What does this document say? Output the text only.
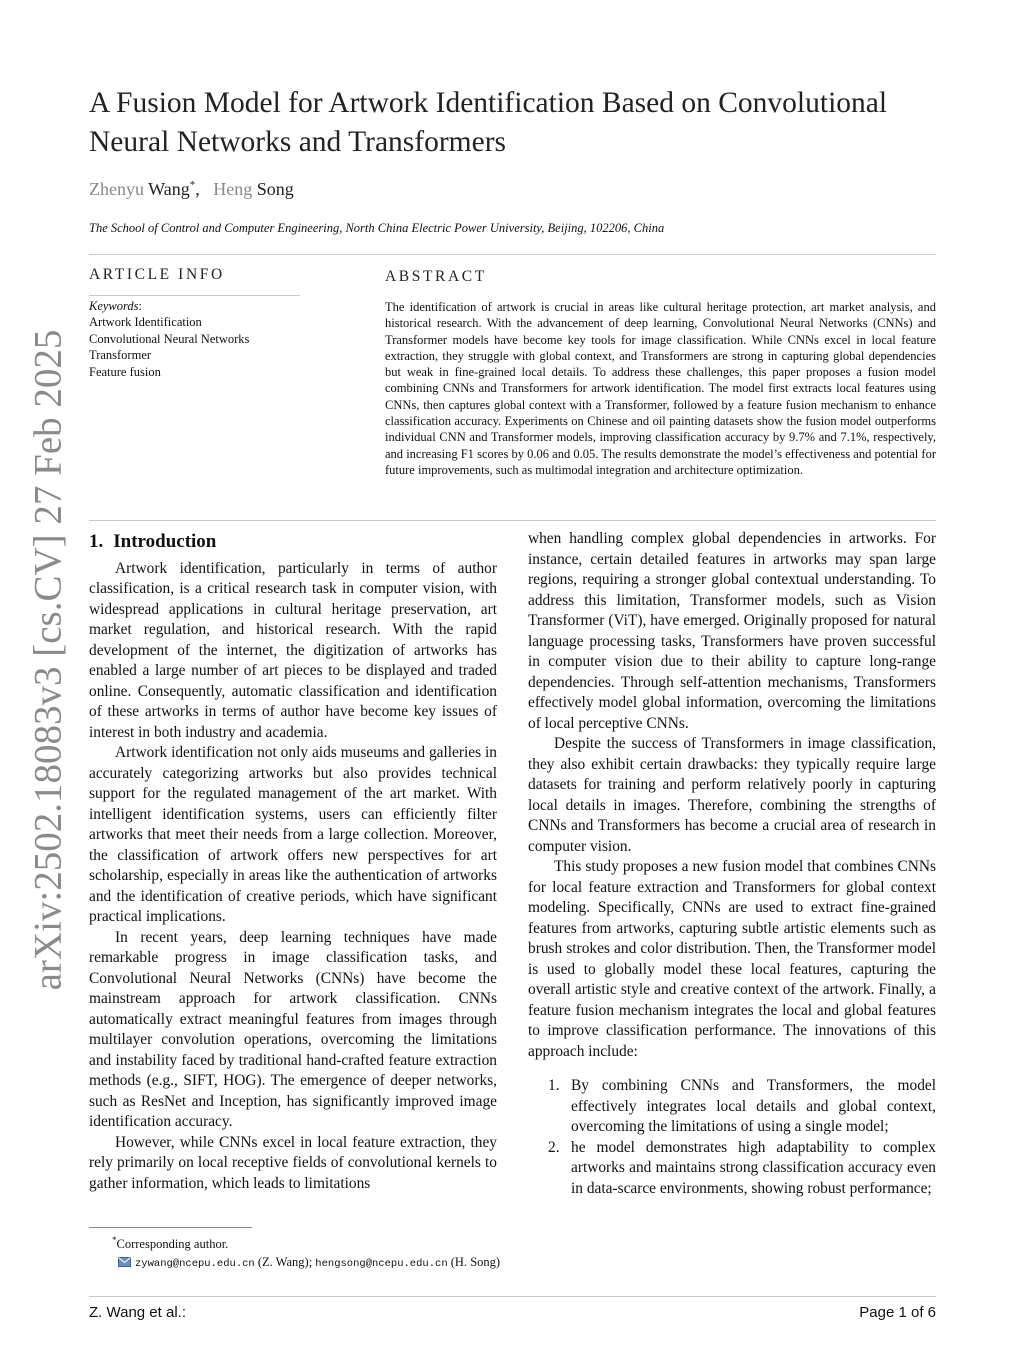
arXiv:2502.18083v3 [cs.CV] 27 Feb 2025
A Fusion Model for Artwork Identification Based on Convolutional
Neural Networks and Transformers
Zhenyu Wang*,   Heng Song
The School of Control and Computer Engineering, North China Electric Power University, Beijing, 102206, China
ARTICLE INFO
Keywords:
Artwork Identification
Convolutional Neural Networks
Transformer
Feature fusion
ABSTRACT
The identification of artwork is crucial in areas like cultural heritage protection, art market analysis, and historical research. With the advancement of deep learning, Convolutional Neural Networks (CNNs) and Transformer models have become key tools for image classification. While CNNs excel in local feature extraction, they struggle with global context, and Transformers are strong in capturing global dependencies but weak in fine-grained local details. To address these challenges, this paper proposes a fusion model combining CNNs and Transformers for artwork identification. The model first extracts local features using CNNs, then captures global context with a Transformer, followed by a feature fusion mechanism to enhance classification accuracy. Experiments on Chinese and oil painting datasets show the fusion model outperforms individual CNN and Transformer models, improving classification accuracy by 9.7% and 7.1%, respectively, and increasing F1 scores by 0.06 and 0.05. The results demonstrate the model’s effectiveness and potential for future improvements, such as multimodal integration and architecture optimization.
1. Introduction

Artwork identification, particularly in terms of author classification, is a critical research task in computer vision, with widespread applications in cultural heritage preservation, art market regulation, and historical research. With the rapid development of the internet, the digitization of artworks has enabled a large number of art pieces to be displayed and traded online. Consequently, automatic classification and identification of these artworks in terms of author have become key issues of interest in both industry and academia.

Artwork identification not only aids museums and galleries in accurately categorizing artworks but also provides technical support for the regulated management of the art market. With intelligent identification systems, users can efficiently filter artworks that meet their needs from a large collection. Moreover, the classification of artwork offers new perspectives for art scholarship, especially in areas like the authentication of artworks and the identification of creative periods, which have significant practical implications.

In recent years, deep learning techniques have made remarkable progress in image classification tasks, and Convolutional Neural Networks (CNNs) have become the mainstream approach for artwork classification. CNNs automatically extract meaningful features from images through multilayer convolution operations, overcoming the limitations and instability faced by traditional hand-crafted feature extraction methods (e.g., SIFT, HOG). The emergence of deeper networks, such as ResNet and Inception, has significantly improved image identification accuracy.

However, while CNNs excel in local feature extraction, they rely primarily on local receptive fields of convolutional kernels to gather information, which leads to limitations

when handling complex global dependencies in artworks. For instance, certain detailed features in artworks may span large regions, requiring a stronger global contextual understanding. To address this limitation, Transformer models, such as Vision Transformer (ViT), have emerged. Originally proposed for natural language processing tasks, Transformers have proven successful in computer vision due to their ability to capture long-range dependencies. Through self-attention mechanisms, Transformers effectively model global information, overcoming the limitations of local perceptive CNNs.

Despite the success of Transformers in image classification, they also exhibit certain drawbacks: they typically require large datasets for training and perform relatively poorly in capturing local details in images. Therefore, combining the strengths of CNNs and Transformers has become a crucial area of research in computer vision.

This study proposes a new fusion model that combines CNNs for local feature extraction and Transformers for global context modeling. Specifically, CNNs are used to extract fine-grained features from artworks, capturing subtle artistic elements such as brush strokes and color distribution. Then, the Transformer model is used to globally model these local features, capturing the overall artistic style and creative context of the artwork. Finally, a feature fusion mechanism integrates the local and global features to improve classification performance. The innovations of this approach include:

1. By combining CNNs and Transformers, the model effectively integrates local details and global context, overcoming the limitations of using a single model;
2. he model demonstrates high adaptability to complex artworks and maintains strong classification accuracy even in data-scarce environments, showing robust performance;
*Corresponding author.
zywang@ncepu.edu.cn (Z. Wang); hengsong@ncepu.edu.cn (H. Song)
Z. Wang et al.:	Page 1 of 6
